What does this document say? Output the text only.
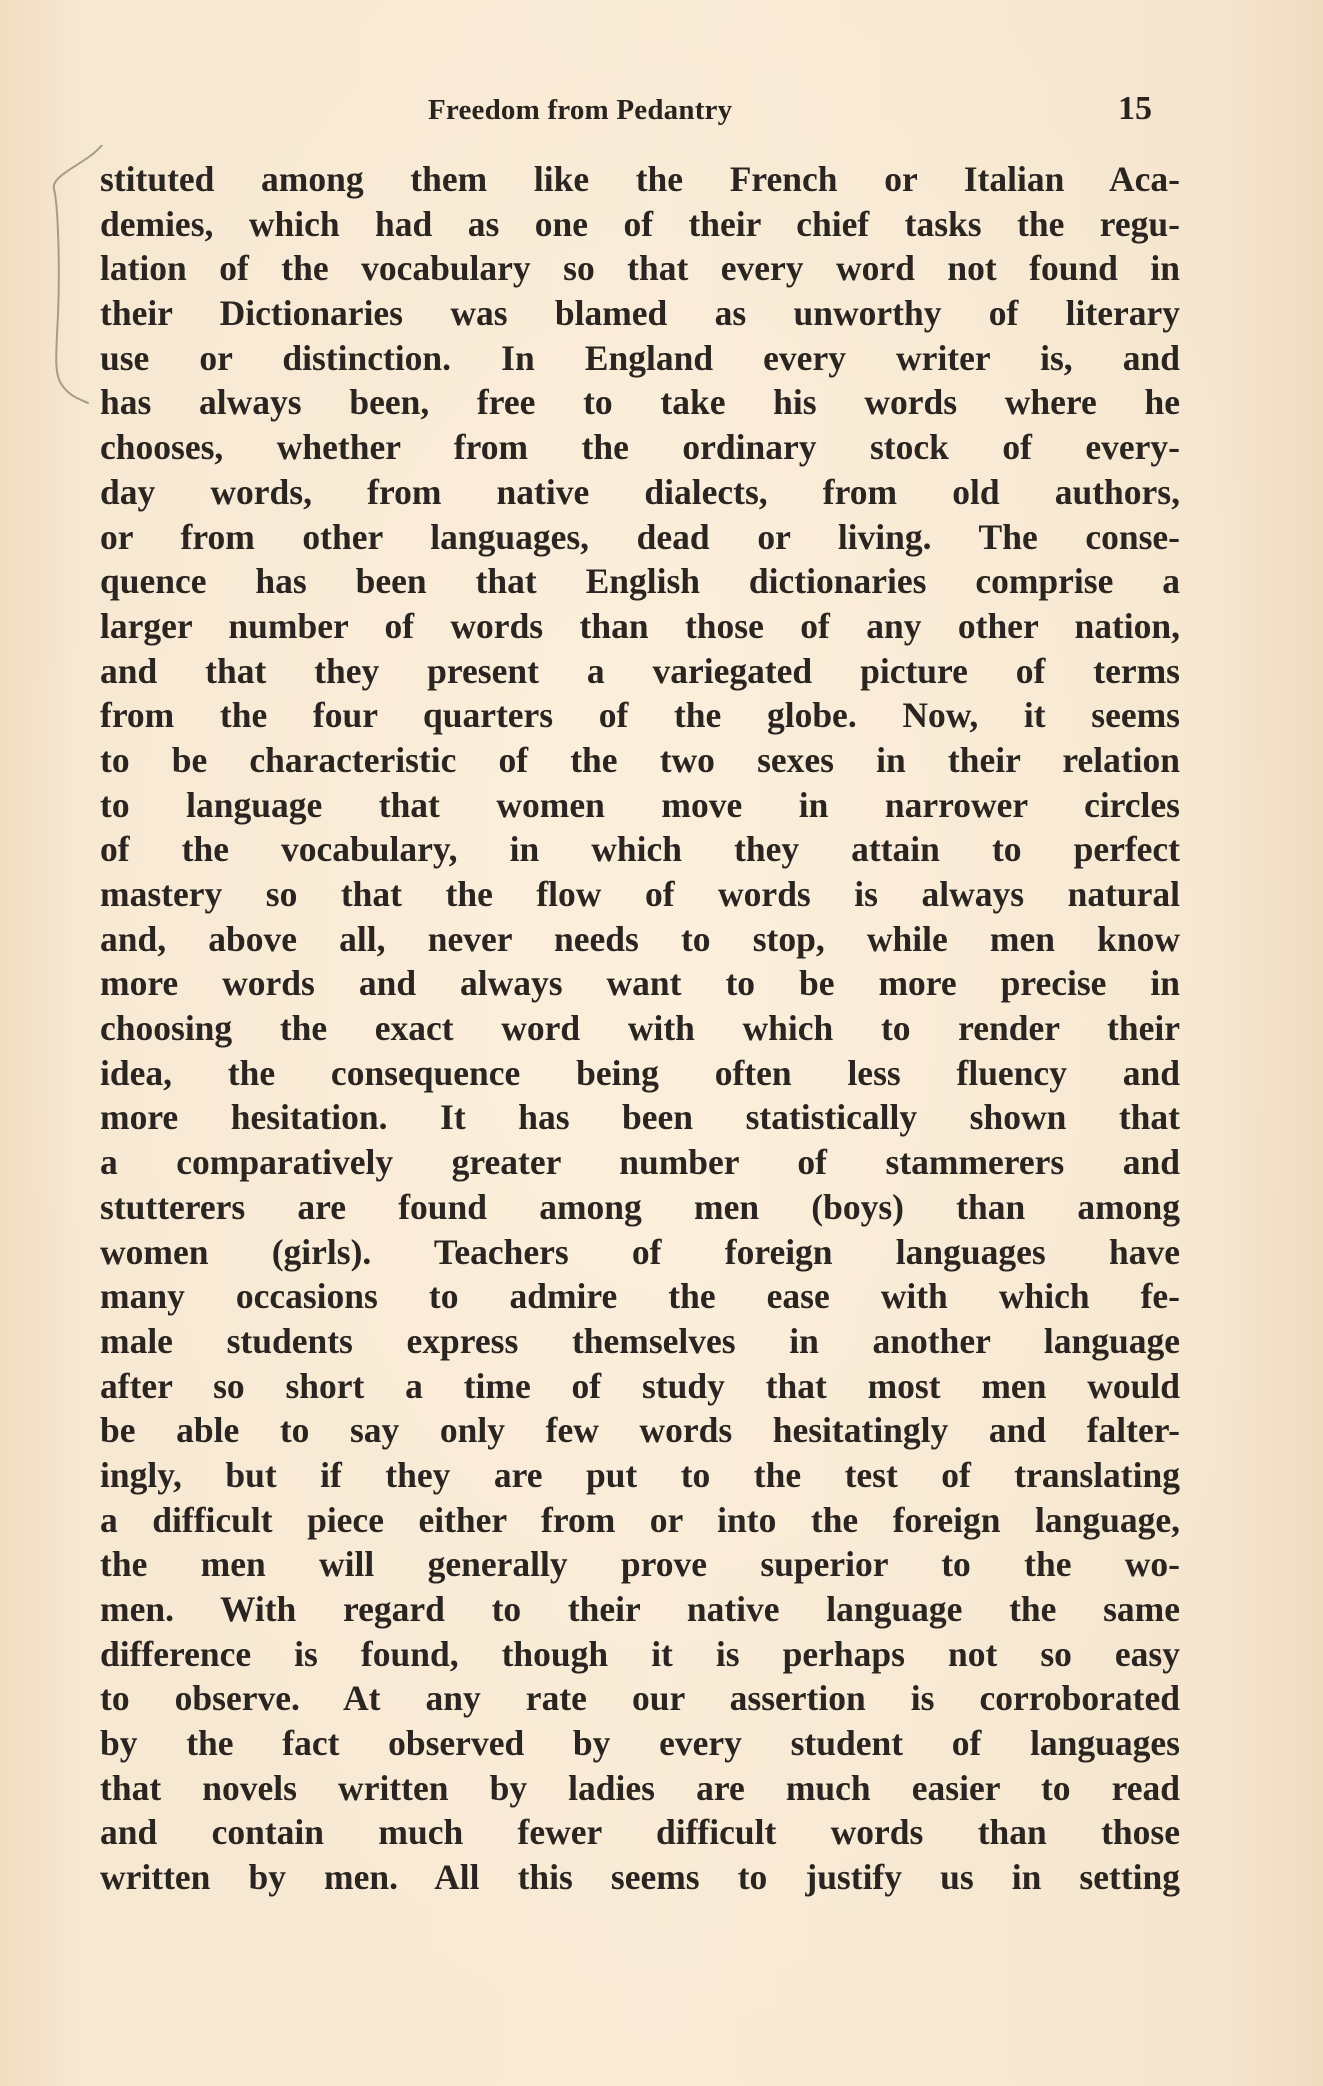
Freedom from Pedantry	15
stituted among them like the French or Italian Aca-
demies, which had as one of their chief tasks the regu-
lation of the vocabulary so that every word not found in
their Dictionaries was blamed as unworthy of literary
use or distinction. In England every writer is, and
has always been, free to take his words where he
chooses, whether from the ordinary stock of every-
day words, from native dialects, from old authors,
or from other languages, dead or living. The conse-
quence has been that English dictionaries comprise a
larger number of words than those of any other nation,
and that they present a variegated picture of terms
from the four quarters of the globe. Now, it seems
to be characteristic of the two sexes in their relation
to language that women move in narrower circles
of the vocabulary, in which they attain to perfect
mastery so that the flow of words is always natural
and, above all, never needs to stop, while men know
more words and always want to be more precise in
choosing the exact word with which to render their
idea, the consequence being often less fluency and
more hesitation. It has been statistically shown that
a comparatively greater number of stammerers and
stutterers are found among men (boys) than among
women (girls). Teachers of foreign languages have
many occasions to admire the ease with which fe-
male students express themselves in another language
after so short a time of study that most men would
be able to say only few words hesitatingly and falter-
ingly, but if they are put to the test of translating
a difficult piece either from or into the foreign language,
the men will generally prove superior to the wo-
men. With regard to their native language the same
difference is found, though it is perhaps not so easy
to observe. At any rate our assertion is corroborated
by the fact observed by every student of languages
that novels written by ladies are much easier to read
and contain much fewer difficult words than those
written by men. All this seems to justify us in setting
